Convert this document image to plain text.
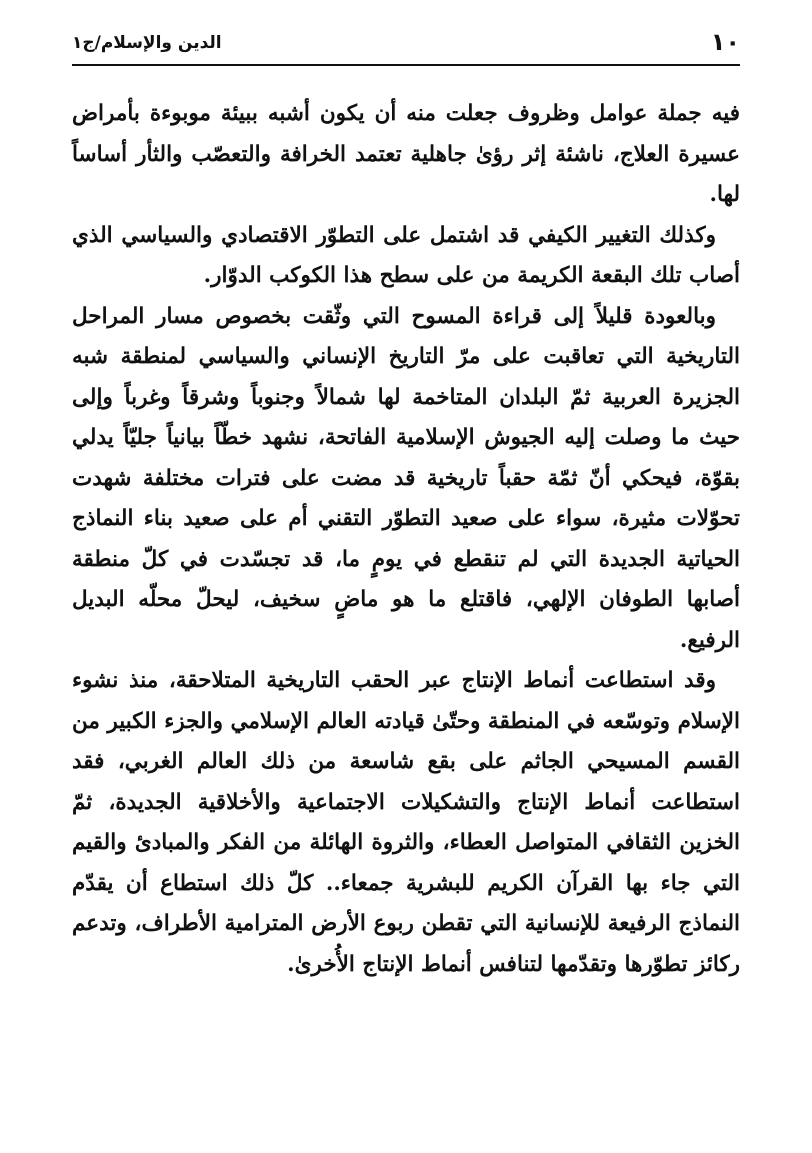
١٠
الدين والإسلام/ج١

فيه جملة عوامل وظروف جعلت منه أن يكون أشبه ببيئة موبوءة بأمراض عسيرة العلاج، ناشئة إثر رؤىٰ جاهلية تعتمد الخرافة والتعصّب والثأر أساساً لها.

وكذلك التغيير الكيفي قد اشتمل على التطوّر الاقتصادي والسياسي الذي أصاب تلك البقعة الكريمة من على سطح هذا الكوكب الدوّار.

وبالعودة قليلاً إلى قراءة المسوح التي وثّقت بخصوص مسار المراحل التاريخية التي تعاقبت على مرّ التاريخ الإنساني والسياسي لمنطقة شبه الجزيرة العربية ثمّ البلدان المتاخمة لها شمالاً وجنوباً وشرقاً وغرباً وإلى حيث ما وصلت إليه الجيوش الإسلامية الفاتحة، نشهد خطّاً بيانياً جليّاً يدلي بقوّة، فيحكي أنّ ثمّة حقباً تاريخية قد مضت على فترات مختلفة شهدت تحوّلات مثيرة، سواء على صعيد التطوّر التقني أم على صعيد بناء النماذج الحياتية الجديدة التي لم تنقطع في يومٍ ما، قد تجسّدت في كلّ منطقة أصابها الطوفان الإلهي، فاقتلع ما هو ماضٍ سخيف، ليحلّ محلّه البديل الرفيع.

وقد استطاعت أنماط الإنتاج عبر الحقب التاريخية المتلاحقة، منذ نشوء الإسلام وتوسّعه في المنطقة وحتّىٰ قيادته العالم الإسلامي والجزء الكبير من القسم المسيحي الجاثم على بقع شاسعة من ذلك العالم الغربي، فقد استطاعت أنماط الإنتاج والتشكيلات الاجتماعية والأخلاقية الجديدة، ثمّ الخزين الثقافي المتواصل العطاء، والثروة الهائلة من الفكر والمبادئ والقيم التي جاء بها القرآن الكريم للبشرية جمعاء.. كلّ ذلك استطاع أن يقدّم النماذج الرفيعة للإنسانية التي تقطن ربوع الأرض المترامية الأطراف، وتدعم ركائز تطوّرها وتقدّمها لتنافس أنماط الإنتاج الأُخرىٰ.
